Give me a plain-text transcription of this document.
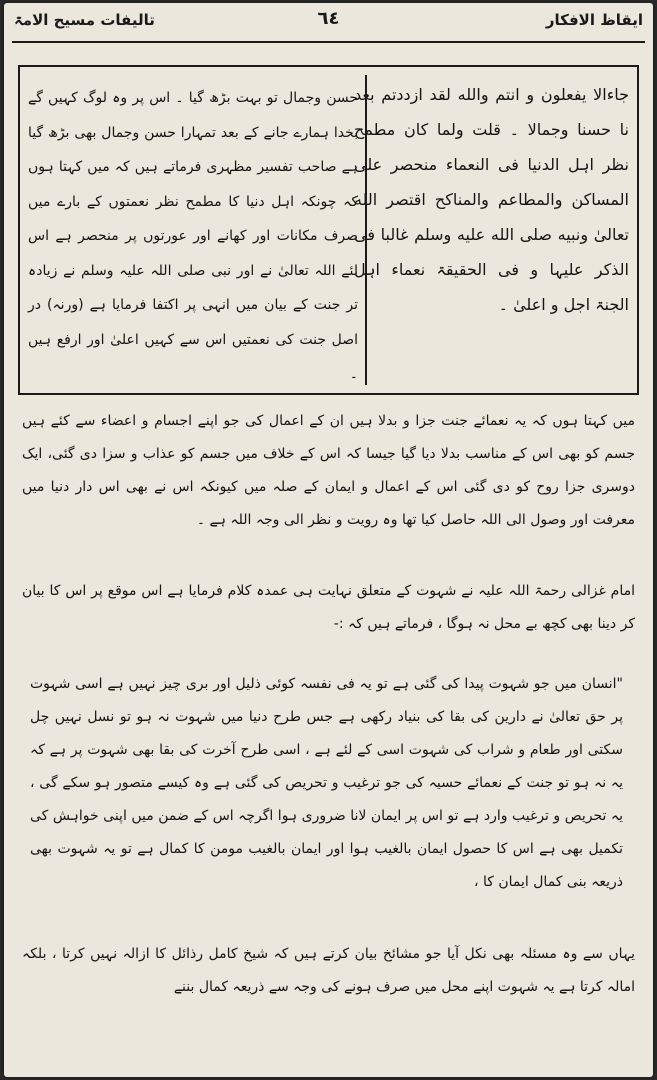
ایقاظ الافکار
٦٤
تالیفات مسیح الامۃ

جاءالا یفعلون و انتم والله لقد ازددتم بعد نا حسنا وجمالا ۔ قلت ولما کان مطمح نظر اہل الدنیا فی النعماء منحصر علی المساکن والمطاعم والمناکح اقتصر الله تعالیٰ ونبیه صلی الله علیه وسلم غالبا فی الذکر علیہا و فی الحقیقۃ نعماء اہل الجنۃ اجل و اعلیٰ ۔

حسن وجمال تو بہت بڑھ گیا ۔ اس پر وہ لوگ کہیں گے بخدا ہمارے جانے کے بعد تمہارا حسن وجمال بھی بڑھ گیا ہے صاحب تفسیر مظہری فرماتے ہیں کہ میں کہتا ہوں کہ چونکہ اہل دنیا کا مطمح نظر نعمتوں کے بارے میں صرف مکانات اور کھانے اور عورتوں پر منحصر ہے اس لئے اللہ تعالیٰ نے اور نبی صلی اللہ علیہ وسلم نے زیادہ تر جنت کے بیان میں انہی پر اکتفا فرمایا ہے (ورنہ) در اصل جنت کی نعمتیں اس سے کہیں اعلیٰ اور ارفع ہیں ۔

میں کہتا ہوں کہ یہ نعمائے جنت جزا و بدلا ہیں ان کے اعمال کی جو اپنے اجسام و اعضاء سے کئے ہیں جسم کو بھی اس کے مناسب بدلا دیا گیا جیسا کہ اس کے خلاف میں جسم کو عذاب و سزا دی گئی، ایک دوسری جزا روح کو دی گئی اس کے اعمال و ایمان کے صلہ میں کیونکہ اس نے بھی اس دار دنیا میں معرفت اور وصول الی اللہ حاصل کیا تھا وہ رویت و نظر الی وجہ اللہ ہے ۔

امام غزالی رحمۃ اللہ علیہ نے شہوت کے متعلق نہایت ہی عمدہ کلام فرمایا ہے اس موقع پر اس کا بیان کر دینا بھی کچھ بے محل نہ ہوگا ، فرماتے ہیں کہ :-

"انسان میں جو شہوت پیدا کی گئی ہے تو یہ فی نفسہ کوئی ذلیل اور بری چیز نہیں ہے اسی شہوت پر حق تعالیٰ نے دارین کی بقا کی بنیاد رکھی ہے جس طرح دنیا میں شہوت نہ ہو تو نسل نہیں چل سکتی اور طعام و شراب کی شہوت اسی کے لئے ہے ، اسی طرح آخرت کی بقا بھی شہوت پر ہے کہ یہ نہ ہو تو جنت کے نعمائے حسیہ کی جو ترغیب و تحریص کی گئی ہے وہ کیسے متصور ہو سکے گی ، یہ تحریص و ترغیب وارد ہے تو اس پر ایمان لانا ضروری ہوا اگرچہ اس کے ضمن میں اپنی خواہش کی تکمیل بھی ہے اس کا حصول ایمان بالغیب ہوا اور ایمان بالغیب مومن کا کمال ہے تو یہ شہوت بھی ذریعہ بنی کمال ایمان کا ،

یہاں سے وہ مسئلہ بھی نکل آیا جو مشائخ بیان کرتے ہیں کہ شیخ کامل رذائل کا ازالہ نہیں کرتا ، بلکہ امالہ کرتا ہے یہ شہوت اپنے محل میں صرف ہونے کی وجہ سے ذریعہ کمال بننے
